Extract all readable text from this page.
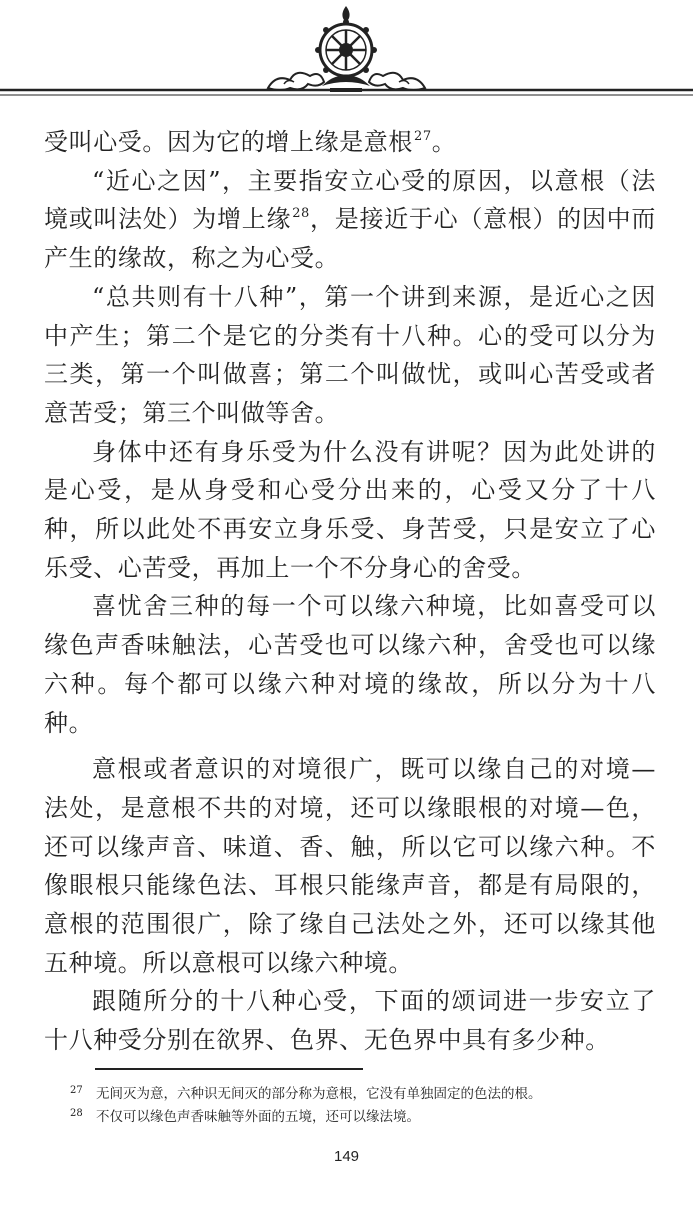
受叫心受。因为它的增上缘是意根$^{27}$。

“近心之因”，主要指安立心受的原因，以意根（法境或叫法处）为增上缘$^{28}$，是接近于心（意根）的因中而产生的缘故，称之为心受。

“总共则有十八种”，第一个讲到来源，是近心之因中产生；第二个是它的分类有十八种。心的受可以分为三类，第一个叫做喜；第二个叫做忧，或叫心苦受或者意苦受；第三个叫做等舍。

身体中还有身乐受为什么没有讲呢？因为此处讲的是心受，是从身受和心受分出来的，心受又分了十八种，所以此处不再安立身乐受、身苦受，只是安立了心乐受、心苦受，再加上一个不分身心的舍受。

喜忧舍三种的每一个可以缘六种境，比如喜受可以缘色声香味触法，心苦受也可以缘六种，舍受也可以缘六种。每个都可以缘六种对境的缘故，所以分为十八种。

意根或者意识的对境很广，既可以缘自己的对境—法处，是意根不共的对境，还可以缘眼根的对境—色，还可以缘声音、味道、香、触，所以它可以缘六种。不像眼根只能缘色法、耳根只能缘声音，都是有局限的，意根的范围很广，除了缘自己法处之外，还可以缘其他五种境。所以意根可以缘六种境。

跟随所分的十八种心受，下面的颂词进一步安立了十八种受分别在欲界、色界、无色界中具有多少种。

27 无间灭为意，六种识无间灭的部分称为意根，它没有单独固定的色法的根。
28 不仅可以缘色声香味触等外面的五境，还可以缘法境。
149
